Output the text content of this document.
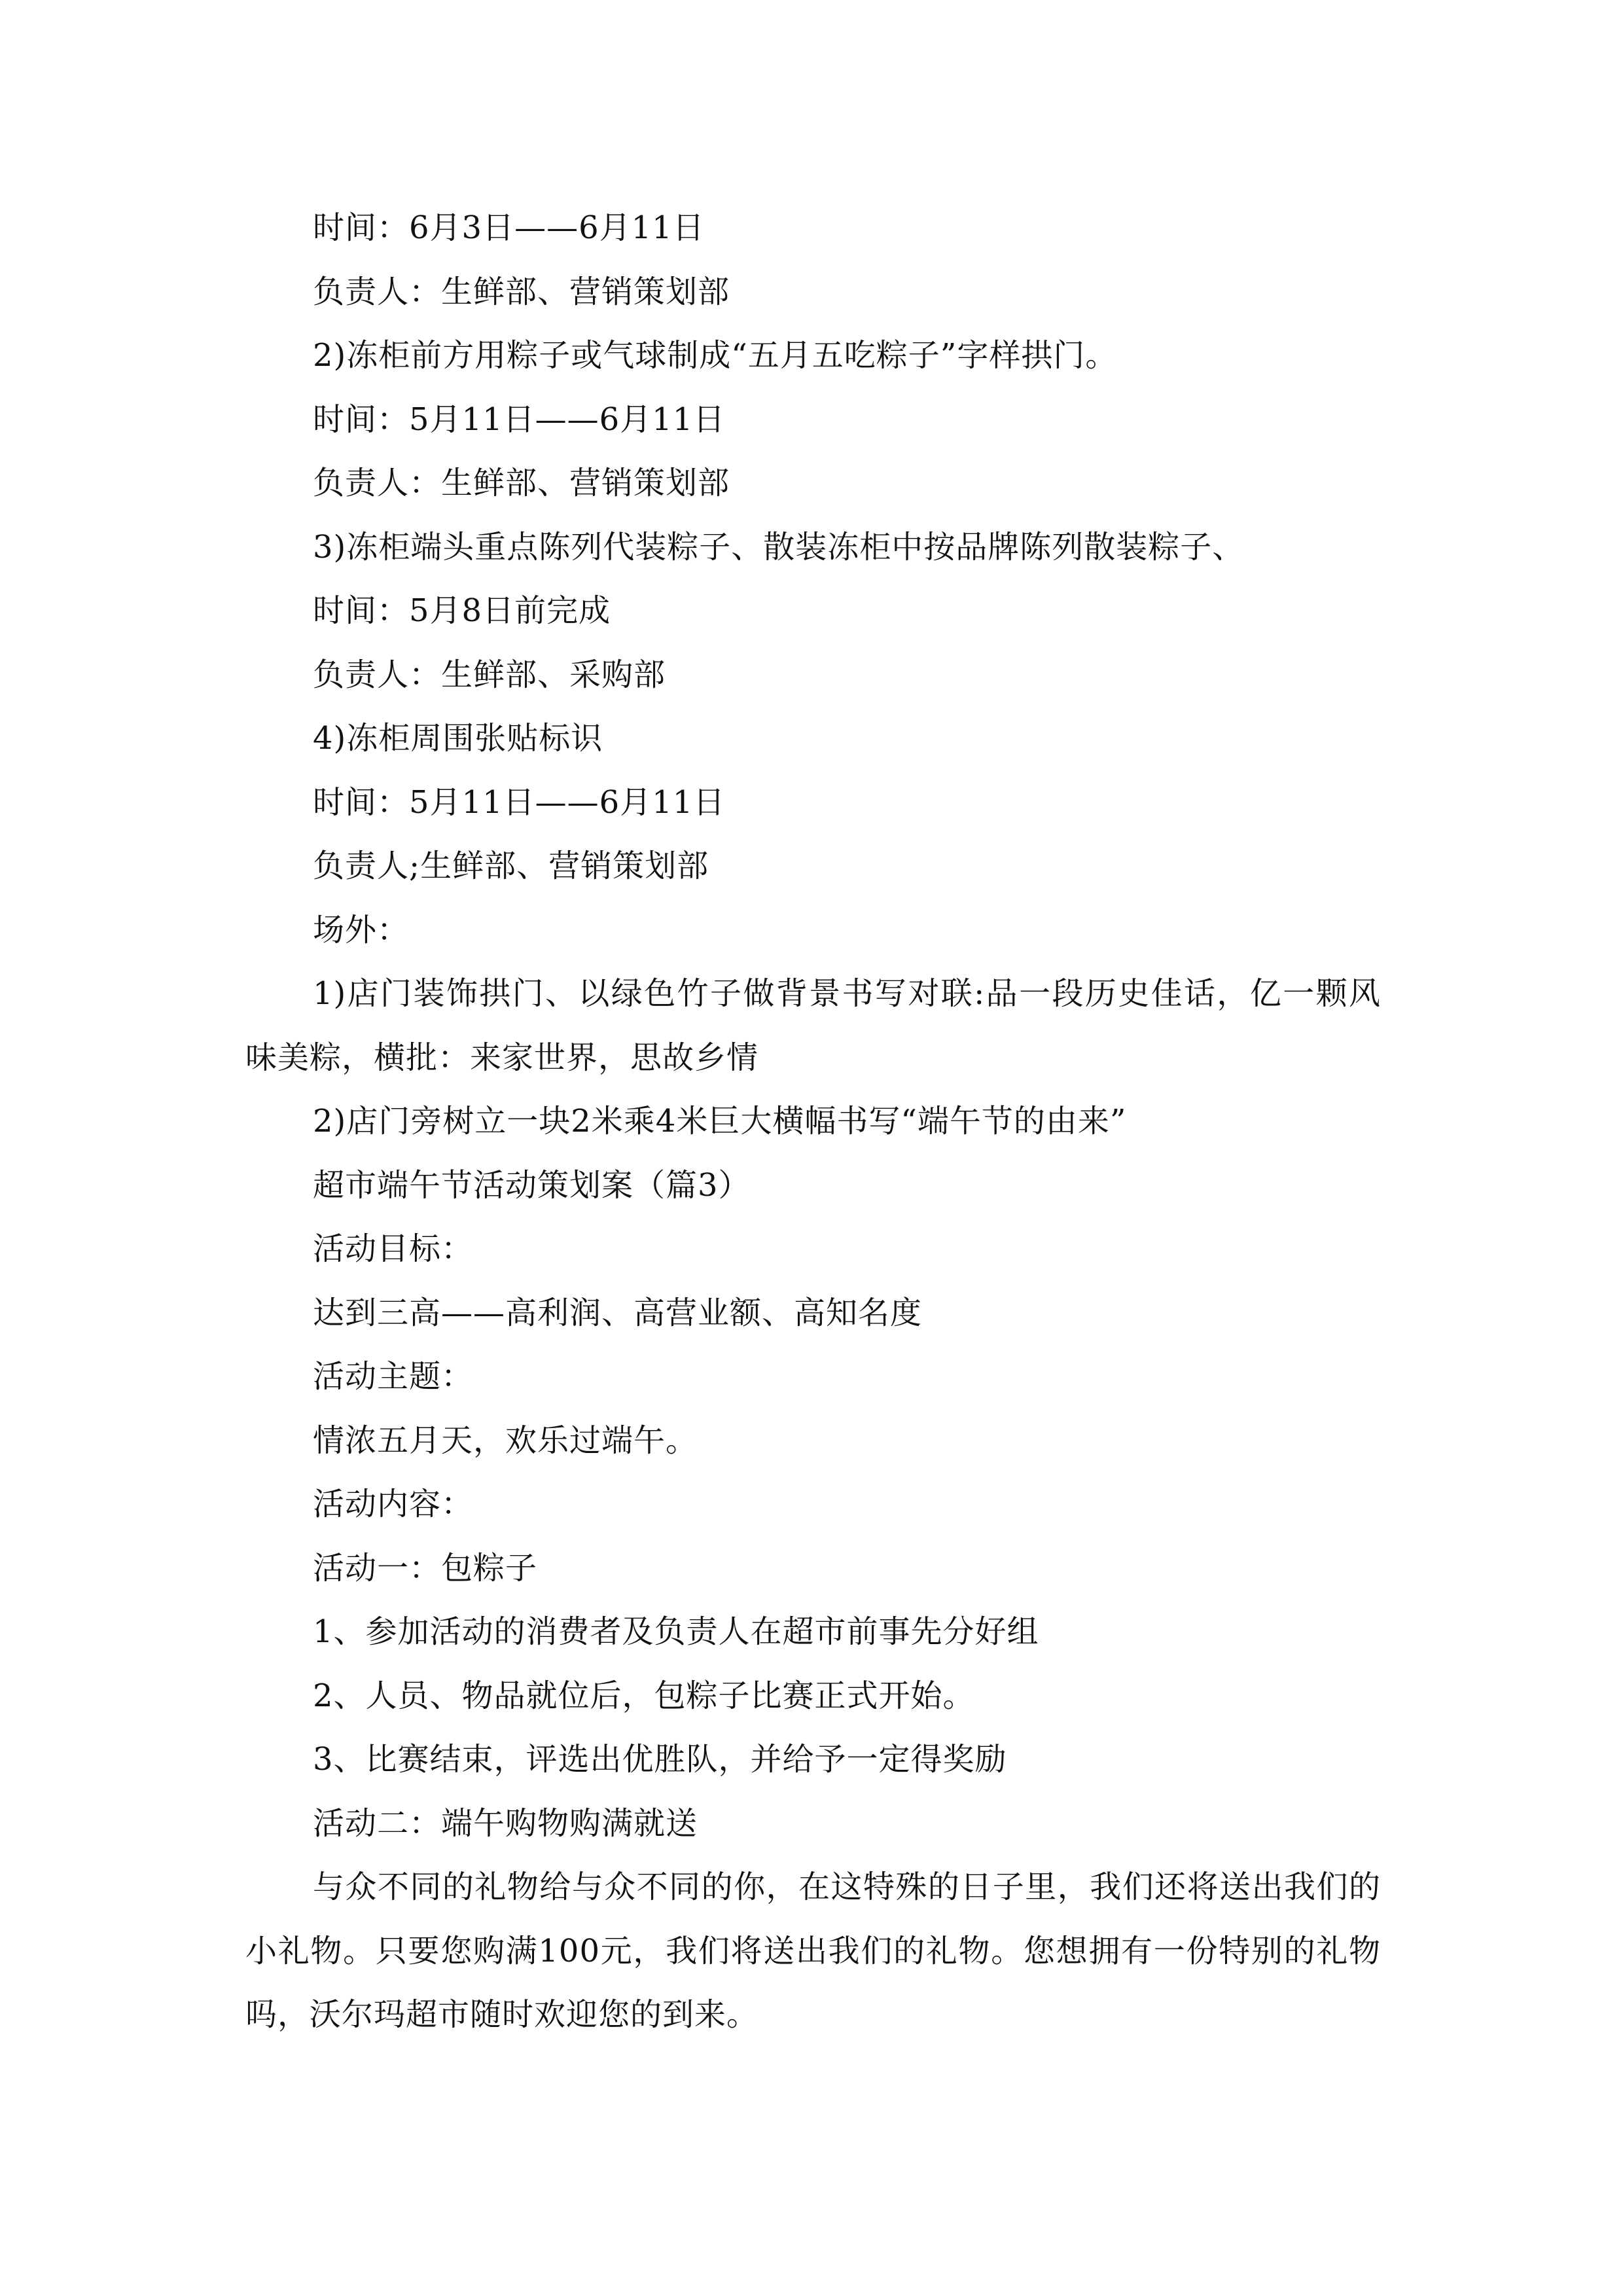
时间：6月3日——6月11日

负责人：生鲜部、营销策划部

2)冻柜前方用粽子或气球制成“五月五吃粽子”字样拱门。

时间：5月11日——6月11日

负责人：生鲜部、营销策划部

3)冻柜端头重点陈列代装粽子、散装冻柜中按品牌陈列散装粽子、

时间：5月8日前完成

负责人：生鲜部、采购部

4)冻柜周围张贴标识

时间：5月11日——6月11日

负责人;生鲜部、营销策划部

场外：

1)店门装饰拱门、以绿色竹子做背景书写对联:品一段历史佳话，亿一颗风味美粽，横批：来家世界，思故乡情

2)店门旁树立一块2米乘4米巨大横幅书写“端午节的由来”

超市端午节活动策划案（篇3）

活动目标：

达到三高——高利润、高营业额、高知名度

活动主题：

情浓五月天，欢乐过端午。

活动内容：

活动一：包粽子

1、参加活动的消费者及负责人在超市前事先分好组

2、人员、物品就位后，包粽子比赛正式开始。

3、比赛结束，评选出优胜队，并给予一定得奖励

活动二：端午购物购满就送

与众不同的礼物给与众不同的你，在这特殊的日子里，我们还将送出我们的小礼物。只要您购满100元，我们将送出我们的礼物。您想拥有一份特别的礼物吗，沃尔玛超市随时欢迎您的到来。
